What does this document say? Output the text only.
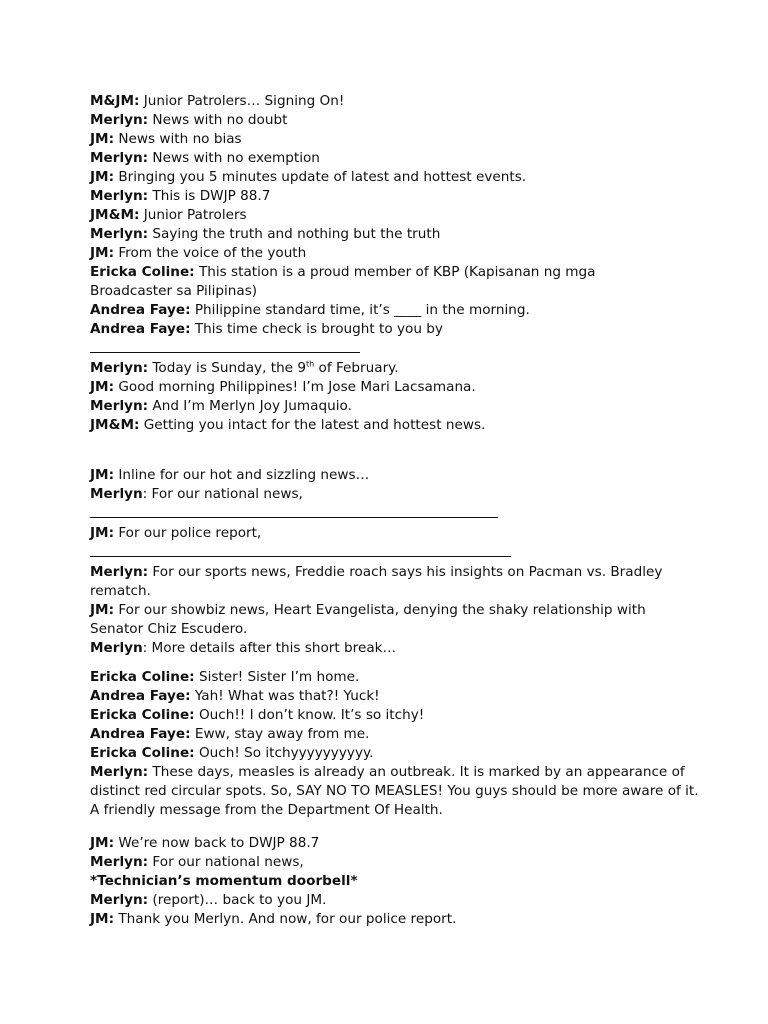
M&JM: Junior Patrolers… Signing On!
Merlyn: News with no doubt
JM: News with no bias
Merlyn: News with no exemption
JM: Bringing you 5 minutes update of latest and hottest events.
Merlyn: This is DWJP 88.7
JM&M: Junior Patrolers
Merlyn: Saying the truth and nothing but the truth
JM: From the voice of the youth
Ericka Coline: This station is a proud member of KBP (Kapisanan ng mga Broadcaster sa Pilipinas)
Andrea Faye: Philippine standard time, it’s ____ in the morning.
Andrea Faye: This time check is brought to you by
Merlyn: Today is Sunday, the 9th of February.
JM: Good morning Philippines! I’m Jose Mari Lacsamana.
Merlyn: And I’m Merlyn Joy Jumaquio.
JM&M: Getting you intact for the latest and hottest news.
JM: Inline for our hot and sizzling news…
Merlyn: For our national news,
JM: For our police report,
Merlyn: For our sports news, Freddie roach says his insights on Pacman vs. Bradley rematch.
JM: For our showbiz news, Heart Evangelista, denying the shaky relationship with Senator Chiz Escudero.
Merlyn: More details after this short break…
Ericka Coline: Sister! Sister I’m home.
Andrea Faye: Yah! What was that?! Yuck!
Ericka Coline: Ouch!! I don’t know. It’s so itchy!
Andrea Faye: Eww, stay away from me.
Ericka Coline: Ouch! So itchyyyyyyyyyy.
Merlyn: These days, measles is already an outbreak. It is marked by an appearance of distinct red circular spots. So, SAY NO TO MEASLES! You guys should be more aware of it. A friendly message from the Department Of Health.
JM: We’re now back to DWJP 88.7
Merlyn: For our national news,
*Technician’s momentum doorbell*
Merlyn: (report)… back to you JM.
JM: Thank you Merlyn. And now, for our police report.
